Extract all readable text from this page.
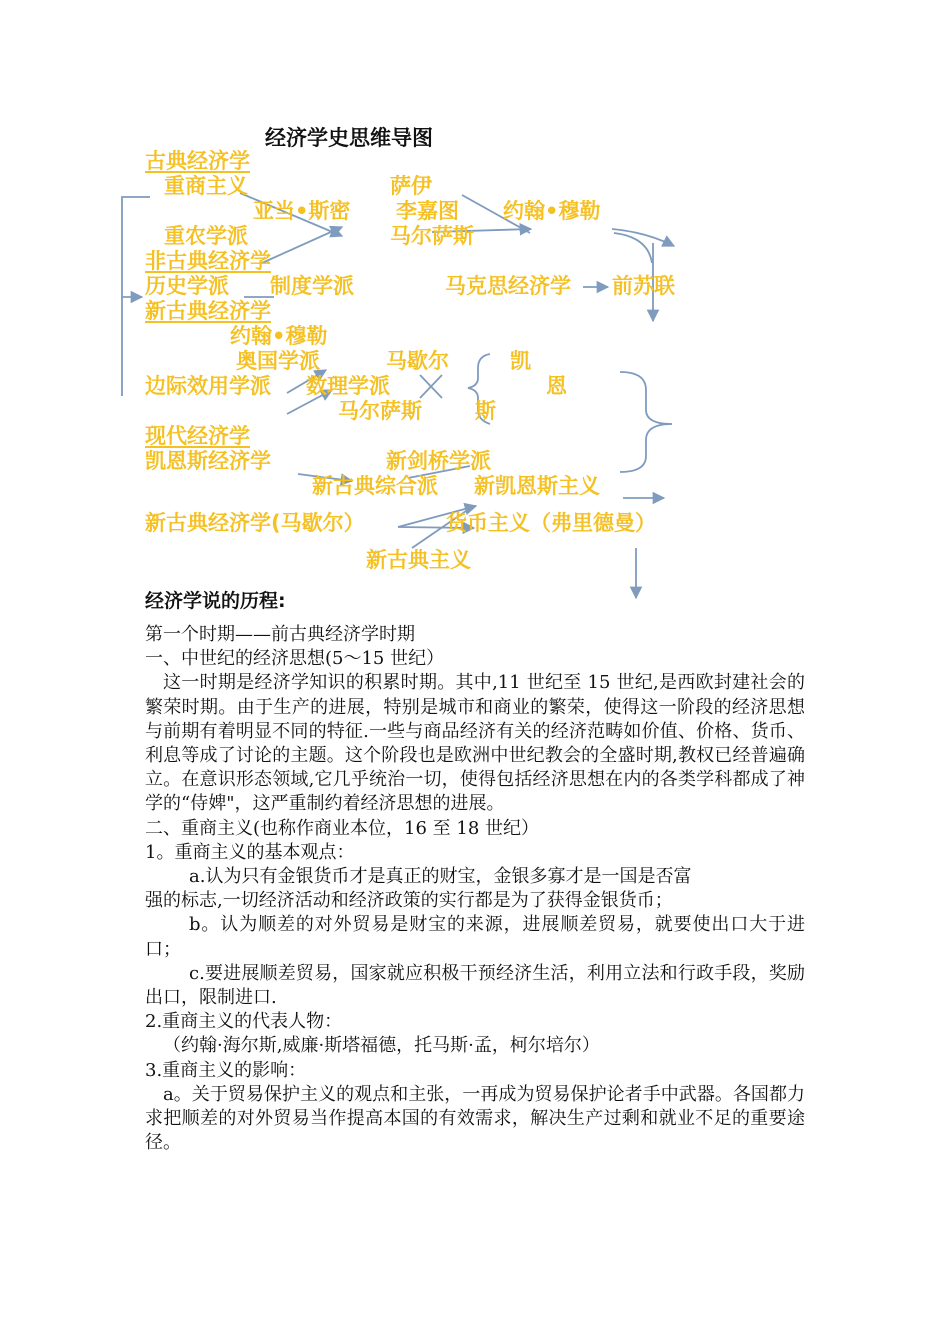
经济学史思维导图
古典经济学
重商主义	萨伊
亚当•斯密 李嘉图 约翰•穆勒
重农学派	马尔萨斯
非古典经济学
历史学派 制度学派	马克思经济学 前苏联
新古典经济学
约翰•穆勒
奥国学派	马歇尔	凯
边际效用学派 数理学派	恩
马尔萨斯	斯
现代经济学
凯恩斯经济学	新剑桥学派
新古典综合派 新凯恩斯主义
新古典经济学(马歇尔）	货币主义（弗里德曼）
新古典主义
经济学说的历程:

第一个时期——前古典经济学时期

一、中世纪的经济思想(5～15 世纪）

这一时期是经济学知识的积累时期。其中,11 世纪至 15 世纪,是西欧封建社会的繁荣时期。由于生产的进展，特别是城市和商业的繁荣，使得这一阶段的经济思想与前期有着明显不同的特征.一些与商品经济有关的经济范畴如价值、价格、货币、利息等成了讨论的主题。这个阶段也是欧洲中世纪教会的全盛时期,教权已经普遍确立。在意识形态领域,它几乎统治一切，使得包括经济思想在内的各类学科都成了神学的“侍婢"，这严重制约着经济思想的进展。

二、重商主义(也称作商业本位，16 至 18 世纪）

1。重商主义的基本观点：

a.认为只有金银货币才是真正的财宝，金银多寡才是一国是否富

强的标志,一切经济活动和经济政策的实行都是为了获得金银货币；

b。认为顺差的对外贸易是财宝的来源，进展顺差贸易，就要使出口大于进口；

c.要进展顺差贸易，国家就应积极干预经济生活，利用立法和行政手段，奖励出口，限制进口.

2.重商主义的代表人物：

（约翰·海尔斯,威廉·斯塔福德，托马斯·孟，柯尔培尔）

3.重商主义的影响：

a。关于贸易保护主义的观点和主张，一再成为贸易保护论者手中武器。各国都力求把顺差的对外贸易当作提高本国的有效需求，解决生产过剩和就业不足的重要途径。
